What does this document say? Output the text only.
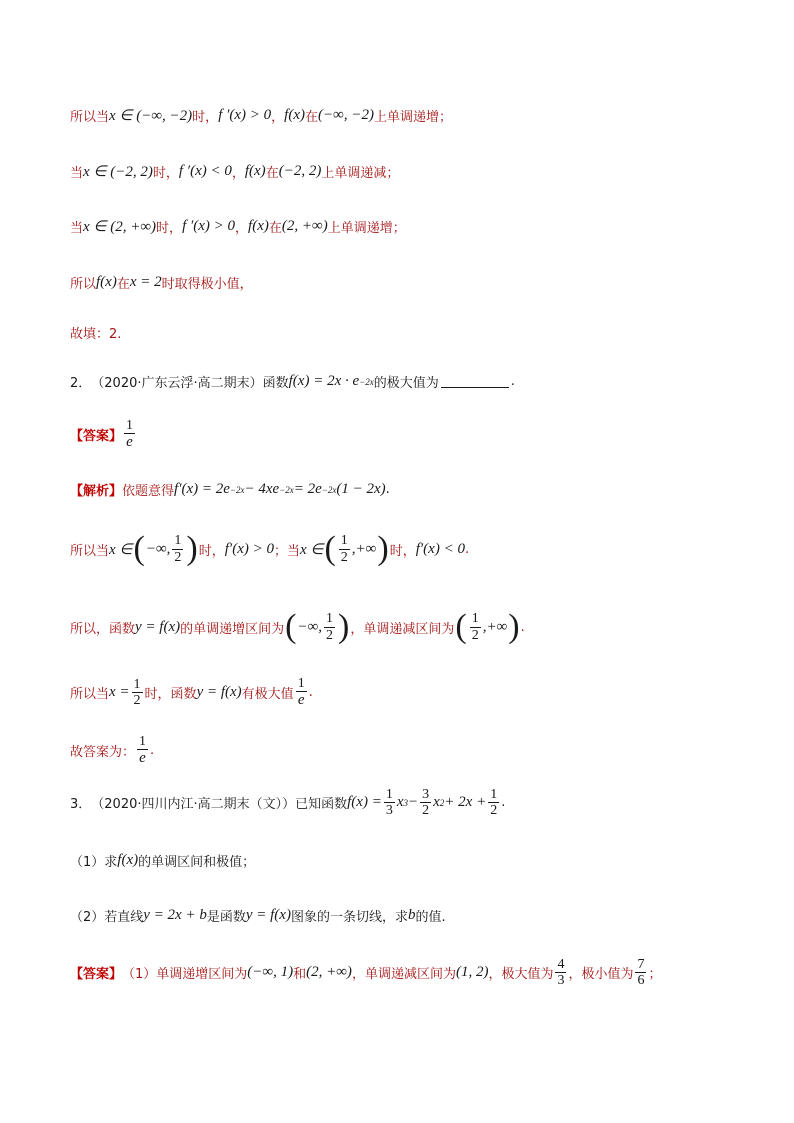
所以当 x ∈ (−∞, −2) 时， f ′(x) > 0 ， f(x) 在 (−∞, −2) 上单调递增；
当 x ∈ (−2, 2) 时， f ′(x) < 0 ， f(x) 在 (−2, 2) 上单调递减；
当 x ∈ (2, +∞) 时， f ′(x) > 0 ， f(x) 在 (2, +∞) 上单调递增；
所以 f(x) 在 x = 2 时取得极小值，
故填：2.
2． （2020·广东云浮·高二期末）函数 f(x) = 2x · e −2x 的极大值为	.
【答案】 $\frac{1}{e}$
【解析】 依题意得 f′(x) = 2e −2x − 4xe −2x = 2e −2x (1 − 2x) .
所以当 x ∈ ( −∞, $\frac{1}{2}$ ) 时， f′(x) > 0 ；当 x ∈ ( $\frac{1}{2}$ ,+∞ ) 时， f′(x) < 0 .
所以，函数 y = f(x) 的单调递增区间为 ( −∞, $\frac{1}{2}$ ) ，单调递减区间为 ( $\frac{1}{2}$ ,+∞ ) .
所以当 $x = \frac{1}{2}$ 时，函数 y = f(x) 有极大值 $\frac{1}{e}$ .
故答案为： $\frac{1}{e}$ .
3． （2020·四川内江·高二期末（文））已知函数 $f(x) = \frac{1}{3}$ x $3 - \frac{3}{2}$ x $2 + 2x + \frac{1}{2}$ .
（1）求 f(x) 的单调区间和极值；
（2）若直线 y = 2x + b 是函数 y = f(x) 图象的一条切线，求 b 的值.
【答案】 （1）单调递增区间为 (−∞, 1) 和 (2, +∞) ，单调递减区间为 (1, 2) ，极大值为 $\frac{4}{3}$ ，极小值为 $\frac{7}{6}$ ；
